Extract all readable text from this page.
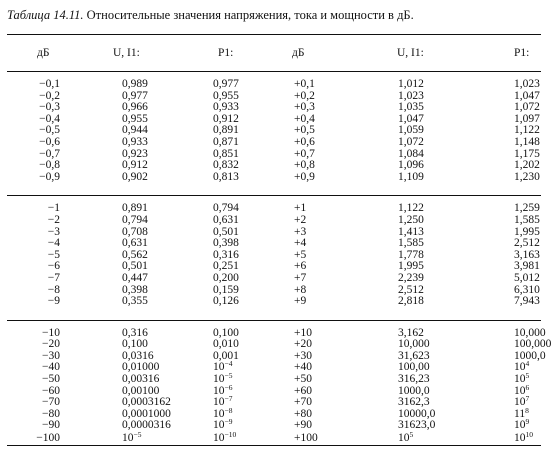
Таблица 14.11. Относительные значения напряжения, тока и мощности в дБ.
дБ	U, I1:	P1:	дБ	U, I1:	P1:

−0,1	0,989	0,977	+0,1	1,012	1,023
−0,2	0,977	0,955	+0,2	1,023	1,047
−0,3	0,966	0,933	+0,3	1,035	1,072
−0,4	0,955	0,912	+0,4	1,047	1,097
−0,5	0,944	0,891	+0,5	1,059	1,122
−0,6	0,933	0,871	+0,6	1,072	1,148
−0,7	0,923	0,851	+0,7	1,084	1,175
−0,8	0,912	0,832	+0,8	1,096	1,202
−0,9	0,902	0,813	+0,9	1,109	1,230

−1	0,891	0,794	+1	1,122	1,259
−2	0,794	0,631	+2	1,250	1,585
−3	0,708	0,501	+3	1,413	1,995
−4	0,631	0,398	+4	1,585	2,512
−5	0,562	0,316	+5	1,778	3,163
−6	0,501	0,251	+6	1,995	3,981
−7	0,447	0,200	+7	2,239	5,012
−8	0,398	0,159	+8	2,512	6,310
−9	0,355	0,126	+9	2,818	7,943

−10	0,316	0,100	+10	3,162	10,000
−20	0,100	0,010	+20	10,000	100,000
−30	0,0316	0,001	+30	31,623	1000,0
−40	0,01000	$10^{-4}$	+40	100,00	$10^4$
−50	0,00316	$10^{-5}$	+50	316,23	$10^5$
−60	0,00100	$10^{-6}$	+60	1000,0	$10^6$
−70	0,0003162	$10^{-7}$	+70	3162,3	$10^7$
−80	0,0001000	$10^{-8}$	+80	10000,0	$11^8$
−90	0,0000316	$10^{-9}$	+90	31623,0	$10^9$
−100	$10^{-5}$	$10^{-10}$	+100	$10^5$	$10^{10}$
